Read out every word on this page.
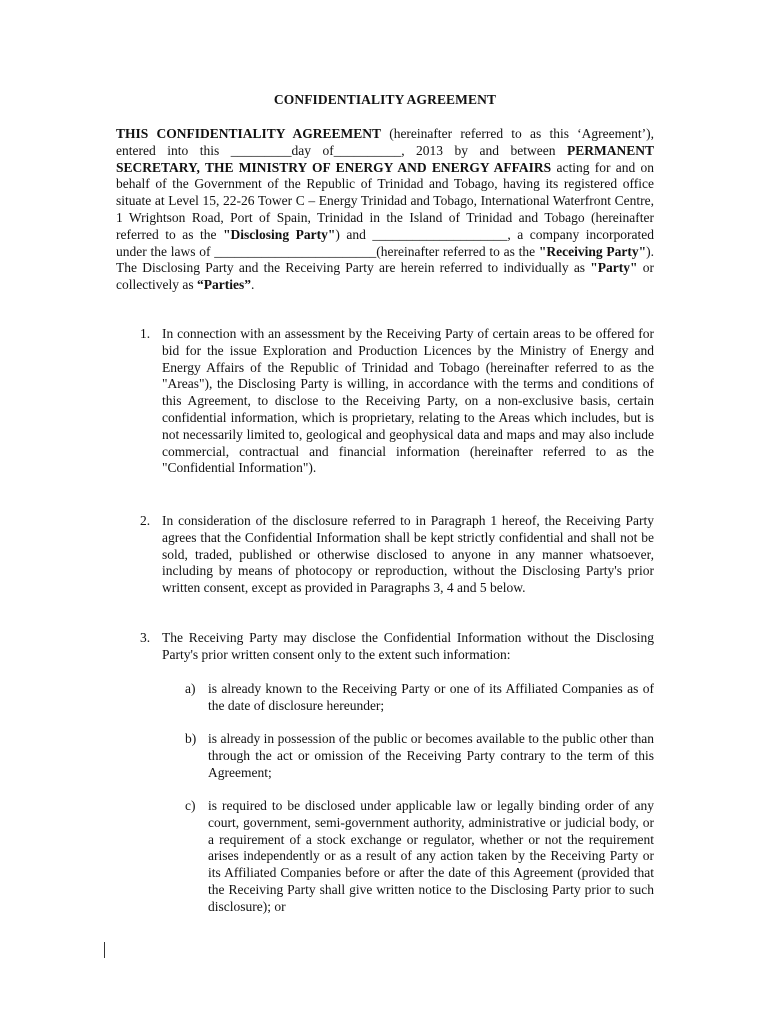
CONFIDENTIALITY AGREEMENT
THIS CONFIDENTIALITY AGREEMENT (hereinafter referred to as this ‘Agreement’), entered into this _________day of__________, 2013 by and between PERMANENT SECRETARY, THE MINISTRY OF ENERGY AND ENERGY AFFAIRS acting for and on behalf of the Government of the Republic of Trinidad and Tobago, having its registered office situate at Level 15, 22-26 Tower C – Energy Trinidad and Tobago, International Waterfront Centre, 1 Wrightson Road, Port of Spain, Trinidad in the Island of Trinidad and Tobago (hereinafter referred to as the "Disclosing Party") and ____________________, a company incorporated under the laws of ________________________(hereinafter referred to as the "Receiving Party"). The Disclosing Party and the Receiving Party are herein referred to individually as "Party" or collectively as “Parties”.
1. In connection with an assessment by the Receiving Party of certain areas to be offered for bid for the issue Exploration and Production Licences by the Ministry of Energy and Energy Affairs of the Republic of Trinidad and Tobago (hereinafter referred to as the "Areas"), the Disclosing Party is willing, in accordance with the terms and conditions of this Agreement, to disclose to the Receiving Party, on a non-exclusive basis, certain confidential information, which is proprietary, relating to the Areas which includes, but is not necessarily limited to, geological and geophysical data and maps and may also include commercial, contractual and financial information (hereinafter referred to as the "Confidential Information").
2. In consideration of the disclosure referred to in Paragraph 1 hereof, the Receiving Party agrees that the Confidential Information shall be kept strictly confidential and shall not be sold, traded, published or otherwise disclosed to anyone in any manner whatsoever, including by means of photocopy or reproduction, without the Disclosing Party's prior written consent, except as provided in Paragraphs 3, 4 and 5 below.
3. The Receiving Party may disclose the Confidential Information without the Disclosing Party's prior written consent only to the extent such information:
a) is already known to the Receiving Party or one of its Affiliated Companies as of the date of disclosure hereunder;
b) is already in possession of the public or becomes available to the public other than through the act or omission of the Receiving Party contrary to the term of this Agreement;
c) is required to be disclosed under applicable law or legally binding order of any court, government, semi-government authority, administrative or judicial body, or a requirement of a stock exchange or regulator, whether or not the requirement arises independently or as a result of any action taken by the Receiving Party or its Affiliated Companies before or after the date of this Agreement (provided that the Receiving Party shall give written notice to the Disclosing Party prior to such disclosure); or
